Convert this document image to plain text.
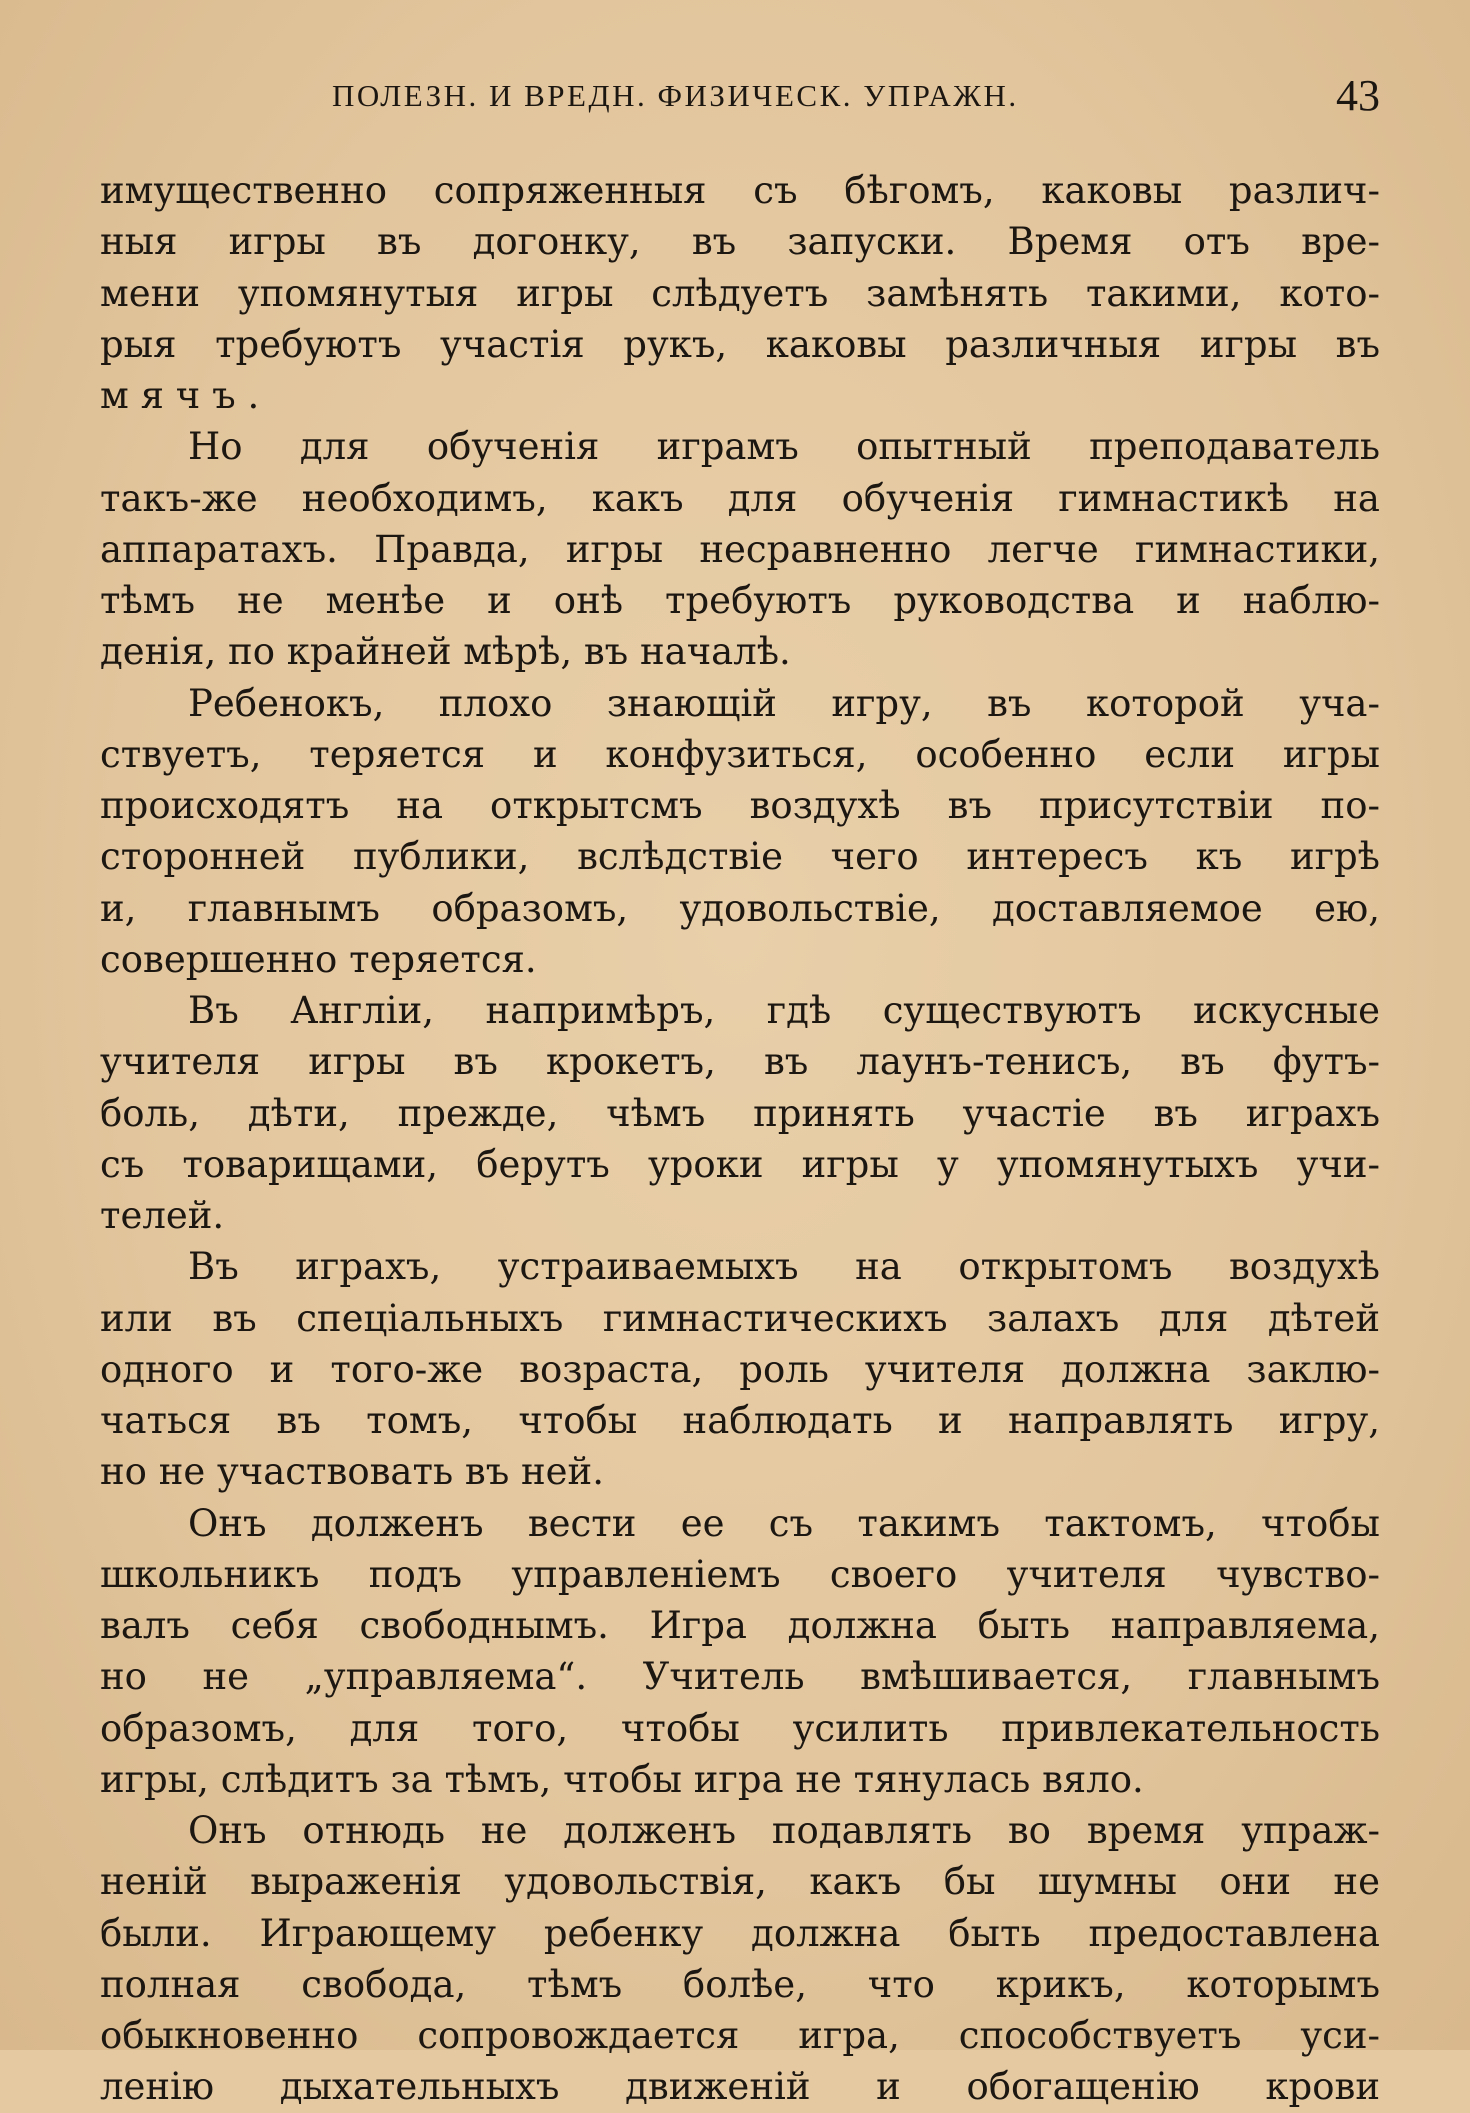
ПОЛЕЗН. И ВРЕДН. ФИЗИЧЕСК. УПРАЖН.	43
имущественно сопряженныя съ бѣгомъ, каковы различ-
ныя игры въ догонку, въ запуски. Время отъ вре-
мени упомянутыя игры слѣдуетъ замѣнять такими, кото-
рыя требуютъ участія рукъ, каковы различныя игры въ
мячъ.
Но для обученія играмъ опытный преподаватель
такъ-же необходимъ, какъ для обученія гимнастикѣ на
аппаратахъ. Правда, игры несравненно легче гимнастики,
тѣмъ не менѣе и онѣ требуютъ руководства и наблю-
денія, по крайней мѣрѣ, въ началѣ.
Ребенокъ, плохо знающій игру, въ которой уча-
ствуетъ, теряется и конфузиться, особенно если игры
происходятъ на открытсмъ воздухѣ въ присутствіи по-
сторонней публики, вслѣдствіе чего интересъ къ игрѣ
и, главнымъ образомъ, удовольствіе, доставляемое ею,
совершенно теряется.
Въ Англіи, напримѣръ, гдѣ существуютъ искусные
учителя игры въ крокетъ, въ лаунъ-тенисъ, въ футъ-
боль, дѣти, прежде, чѣмъ принять участіе въ играхъ
съ товарищами, берутъ уроки игры у упомянутыхъ учи-
телей.
Въ играхъ, устраиваемыхъ на открытомъ воздухѣ
или въ спеціальныхъ гимнастическихъ залахъ для дѣтей
одного и того-же возраста, роль учителя должна заклю-
чаться въ томъ, чтобы наблюдать и направлять игру,
но не участвовать въ ней.
Онъ долженъ вести ее съ такимъ тактомъ, чтобы
школьникъ подъ управленіемъ своего учителя чувство-
валъ себя свободнымъ. Игра должна быть направляема,
но не „управляема“. Учитель вмѣшивается, главнымъ
образомъ, для того, чтобы усилить привлекательность
игры, слѣдитъ за тѣмъ, чтобы игра не тянулась вяло.
Онъ отнюдь не долженъ подавлять во время упраж-
неній выраженія удовольствія, какъ бы шумны они не
были. Играющему ребенку должна быть предоставлена
полная свобода, тѣмъ болѣе, что крикъ, которымъ
обыкновенно сопровождается игра, способствуетъ уси-
ленію дыхательныхъ движеній и обогащенію крови
